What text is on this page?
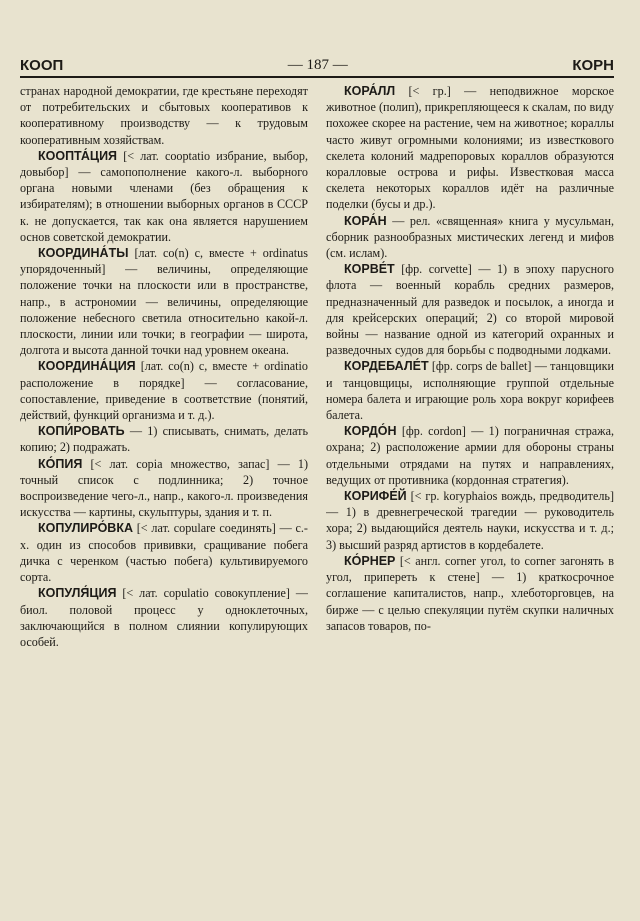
КООП	— 187 —	КОРН

странах народной демократии, где крестьяне переходят от потребительских и сбытовых кооперативов к кооперативному производству — к трудовым кооперативным хозяйствам.

КООПТА́ЦИЯ [< лат. cooptatio избрание, выбор, довыбор] — самопополнение какого-л. выборного органа новыми членами (без обращения к избирателям); в отношении выборных органов в СССР к. не допускается, так как она является нарушением основ советской демократии.

КООРДИНА́ТЫ [лат. co(n) с, вместе + ordinatus упорядоченный] — величины, определяющие положение точки на плоскости или в пространстве, напр., в астрономии — величины, определяющие положение небесного светила относительно какой-л. плоскости, линии или точки; в географии — широта, долгота и высота данной точки над уровнем океана.

КООРДИНА́ЦИЯ [лат. co(n) с, вместе + ordinatio расположение в порядке] — согласование, сопоставление, приведение в соответствие (понятий, действий, функций организма и т. д.).

КОПИ́РОВАТЬ — 1) списывать, снимать, делать копию; 2) подражать.

КО́ПИЯ [< лат. copia множество, запас] — 1) точный список с подлинника; 2) точное воспроизведение чего-л., напр., какого-л. произведения искусства — картины, скульптуры, здания и т. п.

КОПУЛИРО́ВКА [< лат. copulare соединять] — с.-х. один из способов прививки, сращивание побега дичка с черенком (частью побега) культивируемого сорта.

КОПУЛЯ́ЦИЯ [< лат. copulatio совокупление] — биол. половой процесс у одноклеточных, заключающийся в полном слиянии копулирующих особей.

КОРА́ЛЛ [< гр.] — неподвижное морское животное (полип), прикрепляющееся к скалам, по виду похожее скорее на растение, чем на животное; кораллы часто живут огромными колониями; из известкового скелета колоний мадрепоровых кораллов образуются коралловые острова и рифы. Известковая масса скелета некоторых кораллов идёт на различные поделки (бусы и др.).

КОРА́Н — рел. «священная» книга у мусульман, сборник разнообразных мистических легенд и мифов (см. ислам).

КОРВЕ́Т [фр. corvette] — 1) в эпоху парусного флота — военный корабль средних размеров, предназначенный для разведок и посылок, а иногда и для крейсерских операций; 2) со второй мировой войны — название одной из категорий охранных и разведочных судов для борьбы с подводными лодками.

КОРДЕБАЛЕ́Т [фр. corps de ballet] — танцовщики и танцовщицы, исполняющие группой отдельные номера балета и играющие роль хора вокруг корифеев балета.

КОРДО́Н [фр. cordon] — 1) пограничная стража, охрана; 2) расположение армии для обороны страны отдельными отрядами на путях и направлениях, ведущих от противника (кордонная стратегия).

КОРИФЕ́Й [< гр. koryphaios вождь, предводитель] — 1) в древнегреческой трагедии — руководитель хора; 2) выдающийся деятель науки, искусства и т. д.; 3) высший разряд артистов в кордебалете.

КО́РНЕР [< англ. corner угол, to corner загонять в угол, припереть к стене] — 1) краткосрочное соглашение капиталистов, напр., хлеботорговцев, на бирже — с целью спекуляции путём скупки наличных запасов товаров, по-
